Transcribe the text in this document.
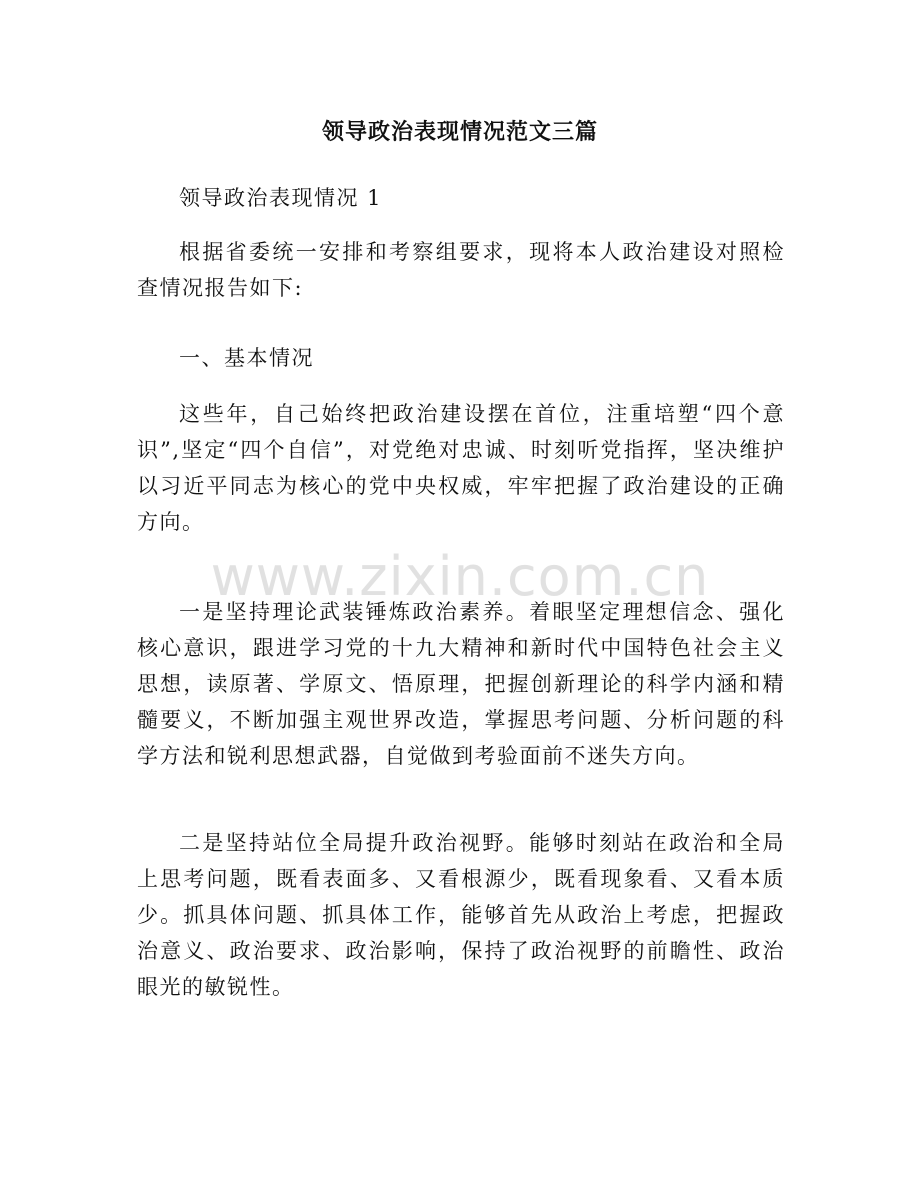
领导政治表现情况范文三篇

领导政治表现情况 1

根据省委统一安排和考察组要求，现将本人政治建设对照检查情况报告如下:

一、基本情况

这些年，自己始终把政治建设摆在首位，注重培塑“四个意识”,坚定“四个自信”，对党绝对忠诚、时刻听党指挥，坚决维护以习近平同志为核心的党中央权威，牢牢把握了政治建设的正确方向。

一是坚持理论武装锤炼政治素养。着眼坚定理想信念、强化核心意识，跟进学习党的十九大精神和新时代中国特色社会主义思想，读原著、学原文、悟原理，把握创新理论的科学内涵和精髓要义，不断加强主观世界改造，掌握思考问题、分析问题的科学方法和锐利思想武器，自觉做到考验面前不迷失方向。

二是坚持站位全局提升政治视野。能够时刻站在政治和全局上思考问题，既看表面多、又看根源少，既看现象看、又看本质少。抓具体问题、抓具体工作，能够首先从政治上考虑，把握政治意义、政治要求、政治影响，保持了政治视野的前瞻性、政治眼光的敏锐性。

www.zixin.com.cn
